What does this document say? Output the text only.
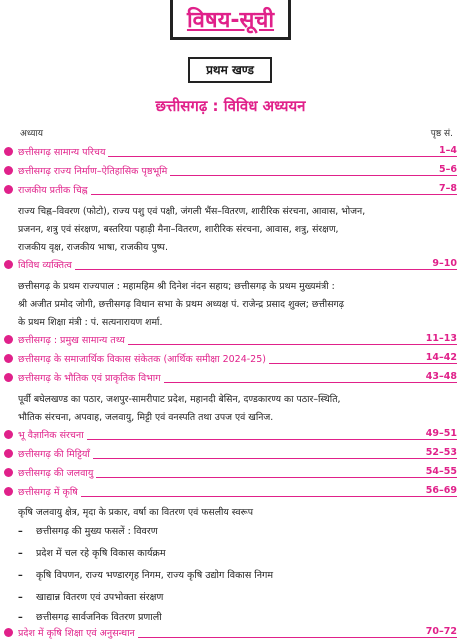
विषय-सूची
प्रथम खण्ड
छत्तीसगढ़ : विविध अध्ययन
अध्याय	पृष्ठ सं.
छत्तीसगढ़ सामान्य परिचय	1–4
छत्तीसगढ़ राज्य निर्माण–ऐतिहासिक पृष्ठभूमि	5–6
राजकीय प्रतीक चिह्न	7–8
राज्य चिह्न–विवरण (फोटो), राज्य पशु एवं पक्षी, जंगली भैंस–वितरण, शारीरिक संरचना, आवास, भोजन,
प्रजनन, शत्रु एवं संरक्षण, बस्तरिया पहाड़ी मैना–वितरण, शारीरिक संरचना, आवास, शत्रु, संरक्षण,
राजकीय वृक्ष, राजकीय भाषा, राजकीय पुष्प.
विविध व्यक्तित्व	9–10
छत्तीसगढ़ के प्रथम राज्यपाल : महामहिम श्री दिनेश नंदन सहाय; छत्तीसगढ़ के प्रथम मुख्यमंत्री :
श्री अजीत प्रमोद जोगी, छत्तीसगढ़ विधान सभा के प्रथम अध्यक्ष पं. राजेन्द्र प्रसाद शुक्ल; छत्तीसगढ़
के प्रथम शिक्षा मंत्री : पं. सत्यनारायण शर्मा.
छत्तीसगढ़ : प्रमुख सामान्य तथ्य	11–13
छत्तीसगढ़ के समाजार्थिक विकास संकेतक (आर्थिक समीक्षा 2024-25)	14–42
छत्तीसगढ़ के भौतिक एवं प्राकृतिक विभाग	43–48
पूर्वी बघेलखण्ड का पठार, जशपुर-सामरीपाट प्रदेश, महानदी बेसिन, दण्डकारण्य का पठार–स्थिति,
भौतिक संरचना, अपवाह, जलवायु, मिट्टी एवं वनस्पति तथा उपज एवं खनिज.
भू वैज्ञानिक संरचना	49–51
छत्तीसगढ़ की मिट्टियाँ	52–53
छत्तीसगढ़ की जलवायु	54–55
छत्तीसगढ़ में कृषि	56–69
कृषि जलवायु क्षेत्र, मृदा के प्रकार, वर्षा का वितरण एवं फसलीय स्वरूप
– छत्तीसगढ़ की मुख्य फसलें : विवरण
– प्रदेश में चल रहे कृषि विकास कार्यक्रम
– कृषि विपणन, राज्य भण्डारगृह निगम, राज्य कृषि उद्योग विकास निगम
– खाद्यान्न वितरण एवं उपभोक्ता संरक्षण
– छत्तीसगढ़ सार्वजनिक वितरण प्रणाली
प्रदेश में कृषि शिक्षा एवं अनुसन्धान	70–72
